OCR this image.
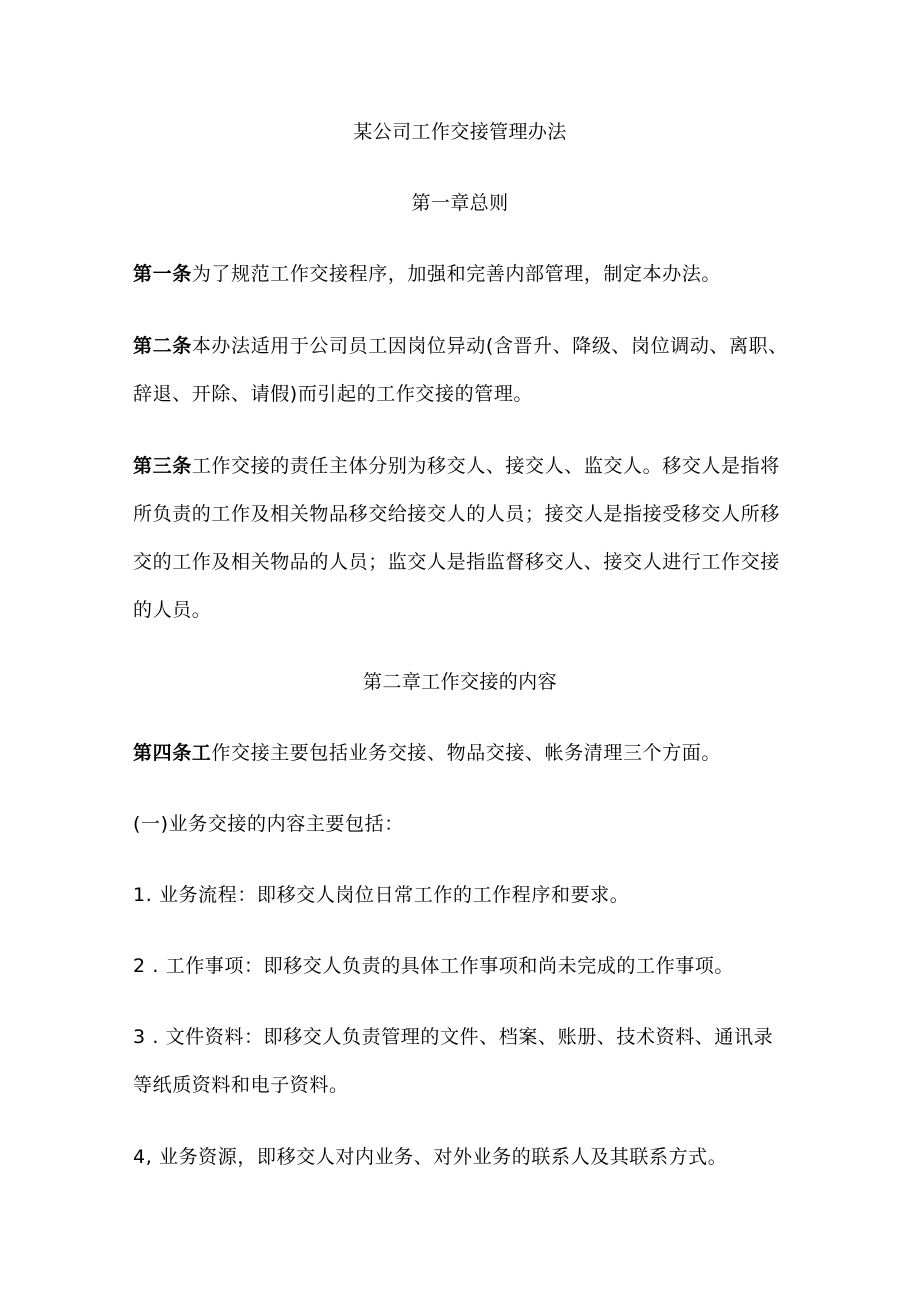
某公司工作交接管理办法
第一章总则
第一条为了规范工作交接程序，加强和完善内部管理，制定本办法。
第二条本办法适用于公司员工因岗位异动(含晋升、降级、岗位调动、离职、
辞退、开除、请假)而引起的工作交接的管理。
第三条工作交接的责任主体分别为移交人、接交人、监交人。移交人是指将
所负责的工作及相关物品移交给接交人的人员；接交人是指接受移交人所移
交的工作及相关物品的人员；监交人是指监督移交人、接交人进行工作交接
的人员。
第二章工作交接的内容
第四条工作交接主要包括业务交接、物品交接、帐务清理三个方面。
(一)业务交接的内容主要包括：
1. 业务流程：即移交人岗位日常工作的工作程序和要求。
2 . 工作事项：即移交人负责的具体工作事项和尚未完成的工作事项。
3 . 文件资料：即移交人负责管理的文件、档案、账册、技术资料、通讯录
等纸质资料和电子资料。
4, 业务资源，即移交人对内业务、对外业务的联系人及其联系方式。
